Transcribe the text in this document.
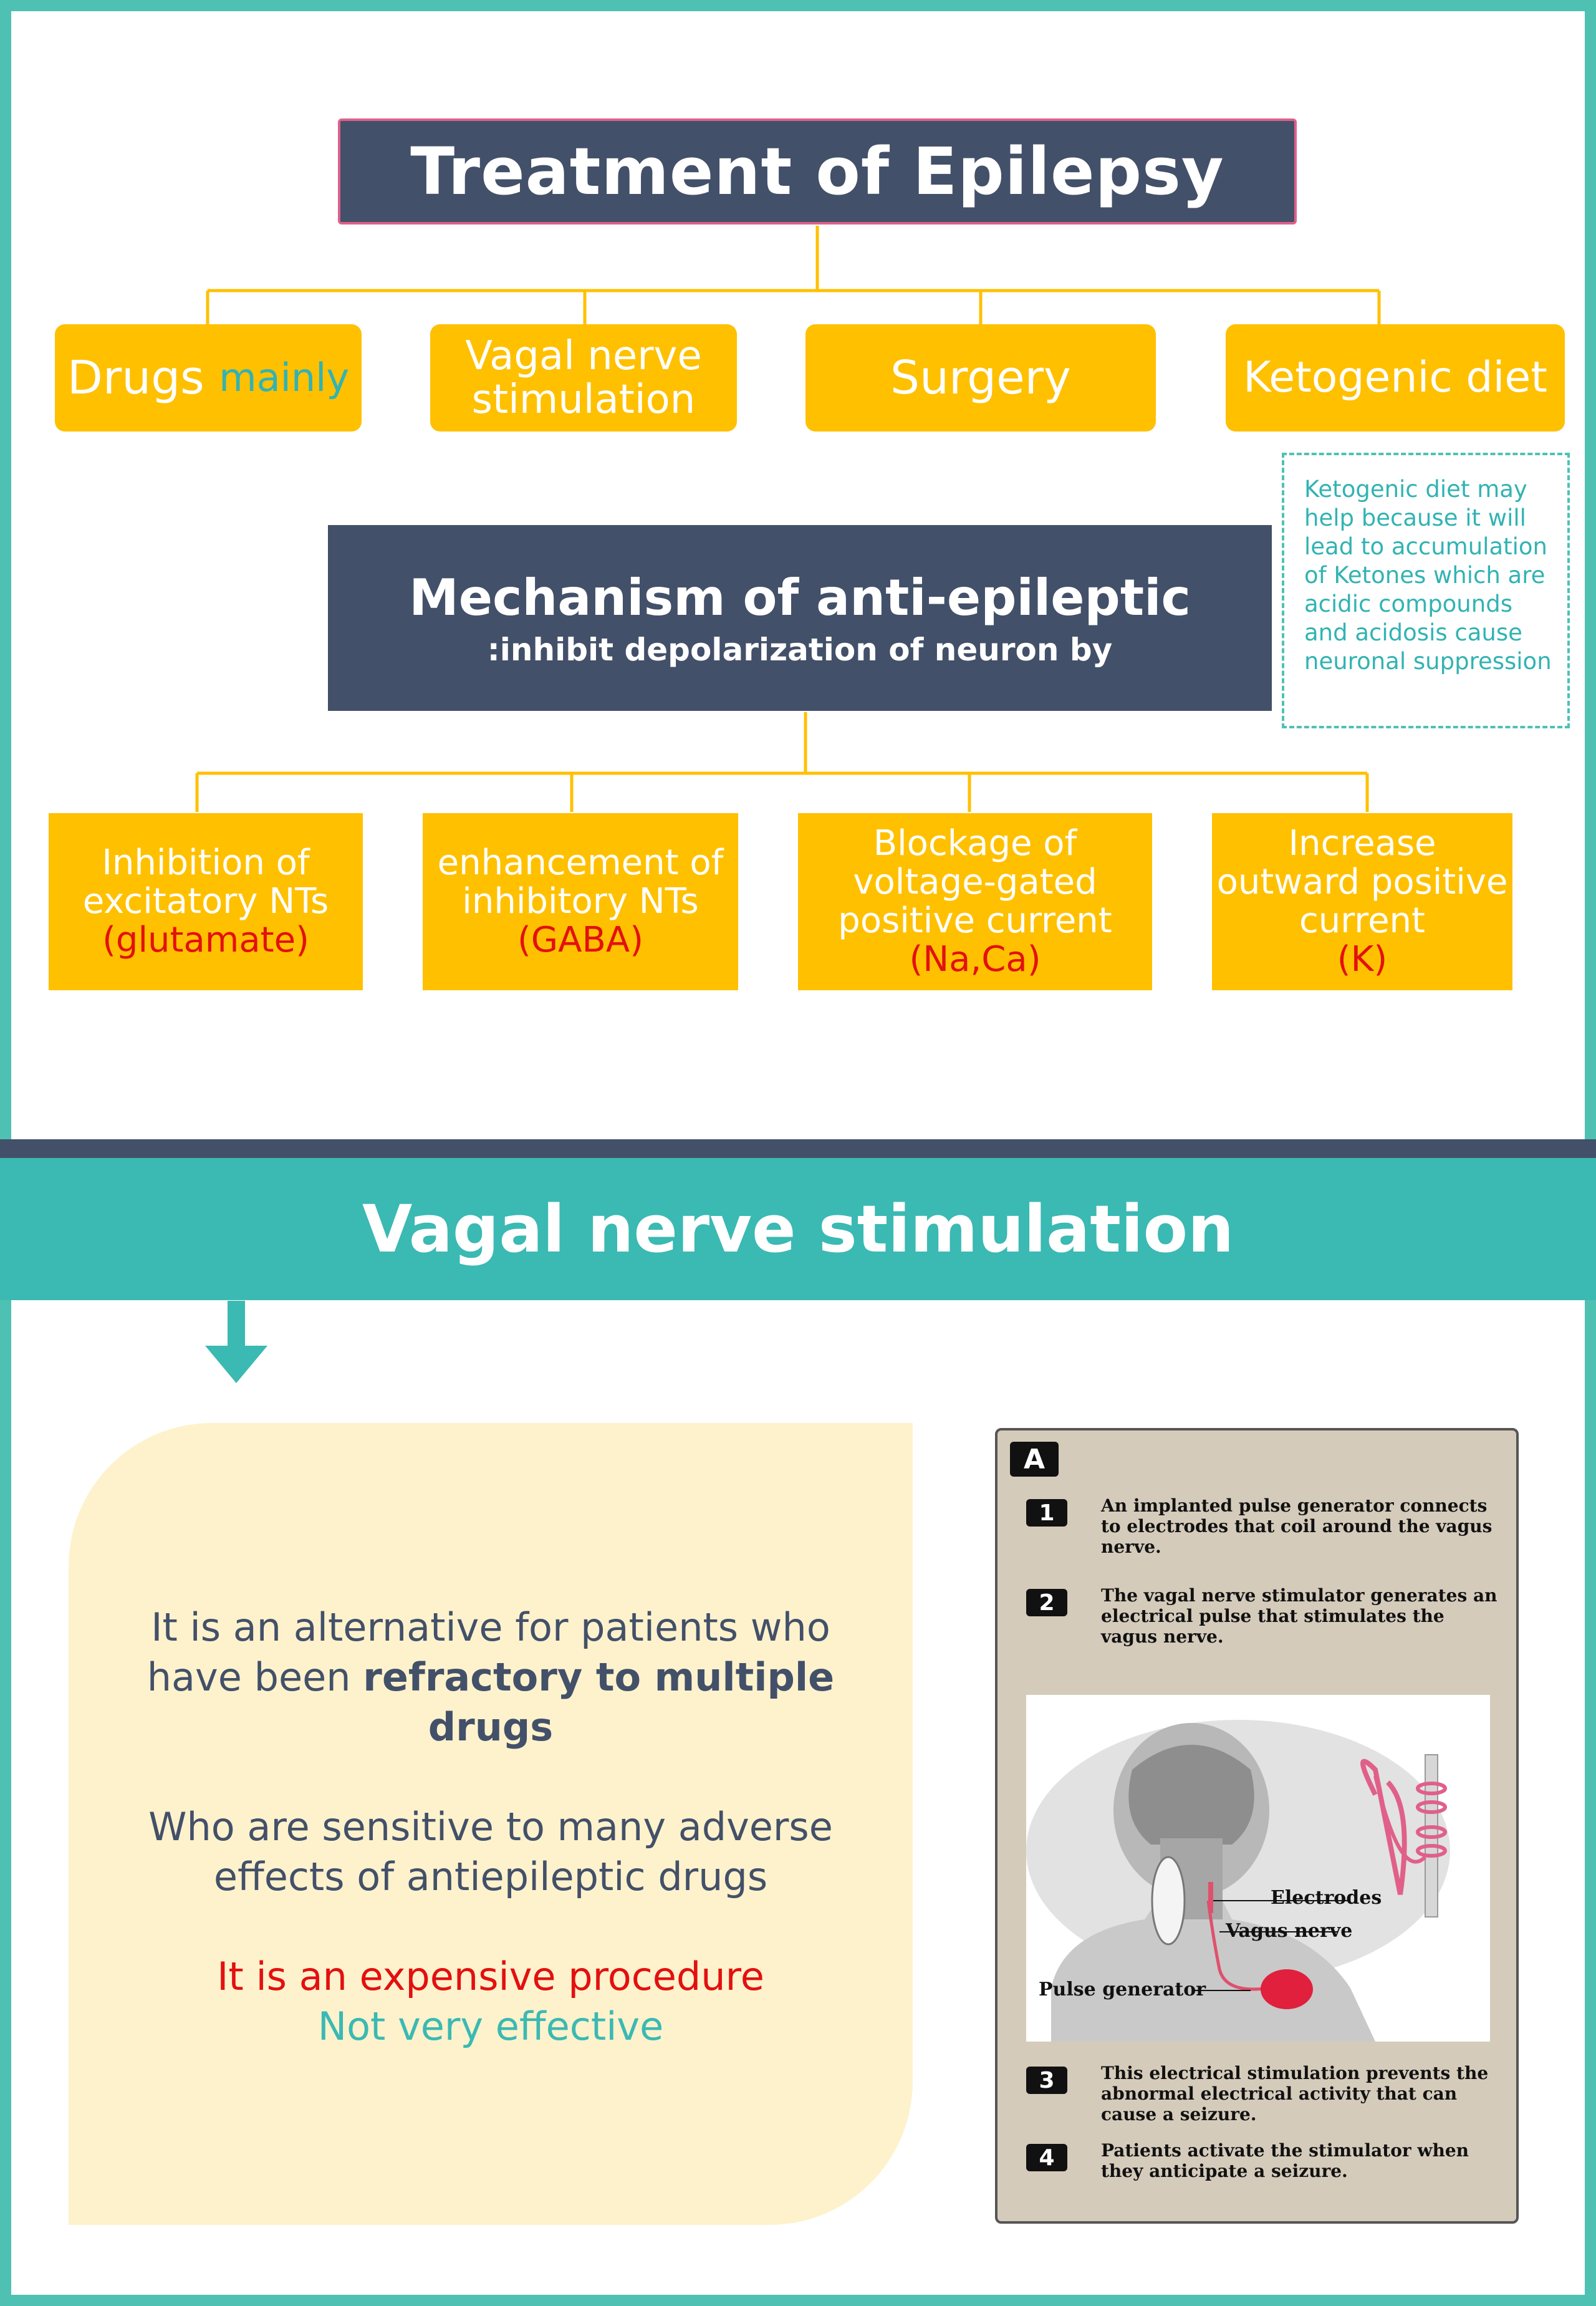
Treatment of Epilepsy
Drugs
mainly	Vagal nerve
stimulation	Surgery	Ketogenic diet
Ketogenic diet may help because it will lead to accumulation of Ketones which are acidic compounds and acidosis cause neuronal suppression
Mechanism of anti-epileptic
:inhibit depolarization of neuron by
Inhibition of
excitatory NTs
(glutamate)
enhancement of
inhibitory NTs
(GABA)
Blockage of
voltage-gated
positive current
(Na,Ca)
Increase
outward positive
current
(K)
Vagal nerve stimulation

It is an alternative for patients who have been refractory to multiple drugs

Who are sensitive to many adverse effects of antiepileptic drugs

It is an expensive procedure
Not very effective

A
1	An implanted pulse generator connects to electrodes that coil around the vagus nerve.
2	The vagal nerve stimulator generates an electrical pulse that stimulates the vagus nerve.
Electrodes
Vagus nerve
Pulse generator
3	This electrical stimulation prevents the abnormal electrical activity that can cause a seizure.
4	Patients activate the stimulator when they anticipate a seizure.
